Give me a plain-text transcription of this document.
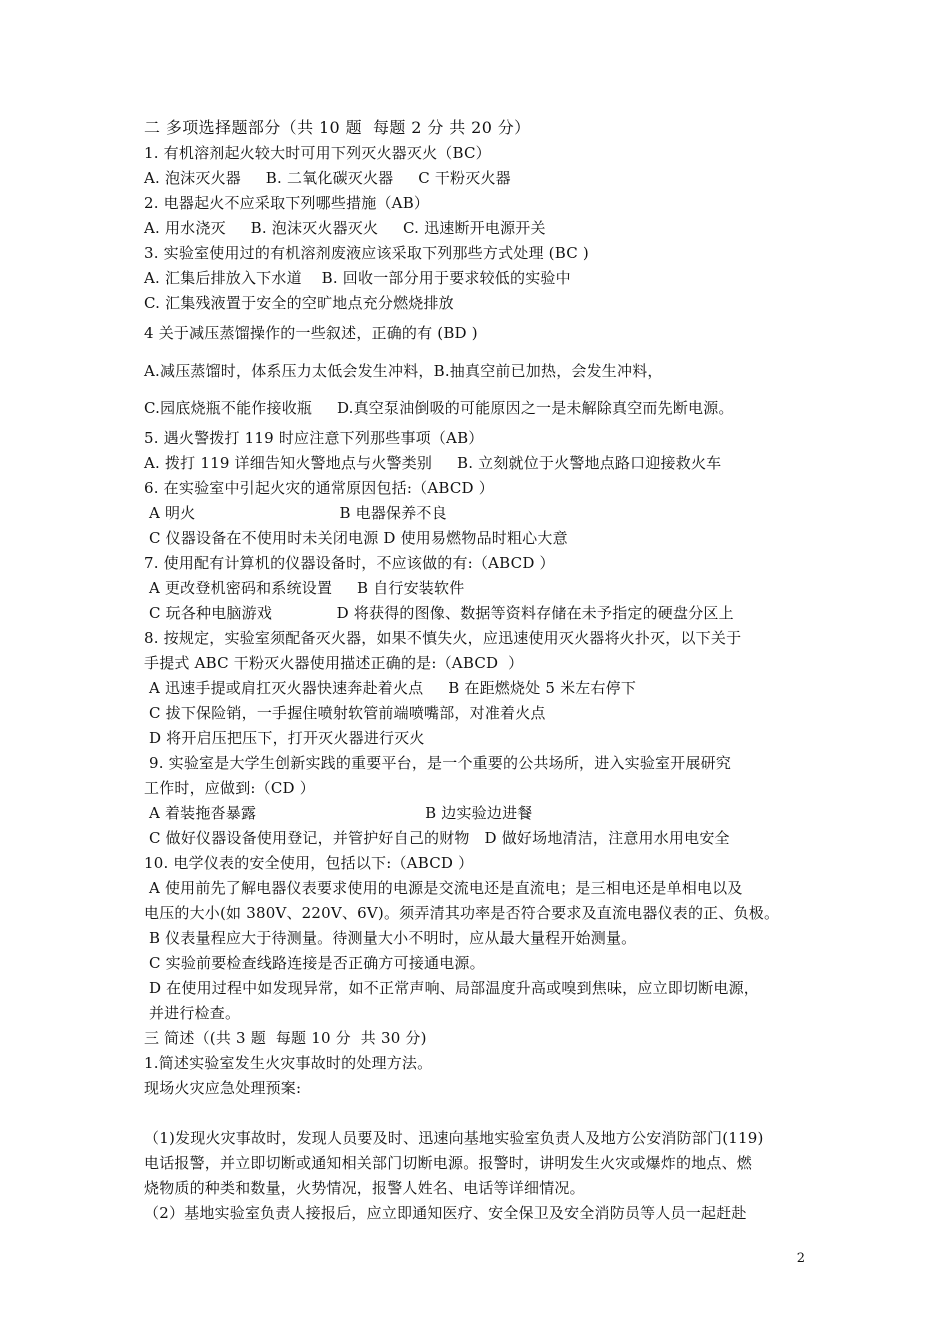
二 多项选择题部分（共 10 题  每题 2 分 共 20 分）
1. 有机溶剂起火较大时可用下列灭火器灭火（BC）
A. 泡沫灭火器     B. 二氧化碳灭火器     C 干粉灭火器
2. 电器起火不应采取下列哪些措施（AB）
A. 用水浇灭     B. 泡沫灭火器灭火     C. 迅速断开电源开关
3. 实验室使用过的有机溶剂废液应该采取下列那些方式处理 (BC )
A. 汇集后排放入下水道    B. 回收一部分用于要求较低的实验中
C. 汇集残液置于安全的空旷地点充分燃烧排放
4 关于减压蒸馏操作的一些叙述，正确的有 (BD )
A.减压蒸馏时，体系压力太低会发生冲料，B.抽真空前已加热，会发生冲料，
C.园底烧瓶不能作接收瓶     D.真空泵油倒吸的可能原因之一是未解除真空而先断电源。
5. 遇火警拨打 119 时应注意下列那些事项（AB）
A. 拨打 119 详细告知火警地点与火警类别     B. 立刻就位于火警地点路口迎接救火车
6. 在实验室中引起火灾的通常原因包括:（ABCD ）
A 明火                             B 电器保养不良
C 仪器设备在不使用时未关闭电源 D 使用易燃物品时粗心大意
7. 使用配有计算机的仪器设备时，不应该做的有:（ABCD ）
A 更改登机密码和系统设置     B 自行安装软件
C 玩各种电脑游戏             D 将获得的图像、数据等资料存储在未予指定的硬盘分区上
8. 按规定，实验室须配备灭火器，如果不慎失火，应迅速使用灭火器将火扑灭，以下关于
手提式 ABC 干粉灭火器使用描述正确的是:（ABCD  ）
A 迅速手提或肩扛灭火器快速奔赴着火点     B 在距燃烧处 5 米左右停下
C 拔下保险销，一手握住喷射软管前端喷嘴部，对准着火点
D 将开启压把压下，打开灭火器进行灭火
9. 实验室是大学生创新实践的重要平台，是一个重要的公共场所，进入实验室开展研究
工作时，应做到:（CD ）
A 着装拖沓暴露                                  B 边实验边进餐
C 做好仪器设备使用登记，并管护好自己的财物   D 做好场地清洁，注意用水用电安全
10. 电学仪表的安全使用，包括以下:（ABCD ）
A 使用前先了解电器仪表要求使用的电源是交流电还是直流电；是三相电还是单相电以及
电压的大小(如 380V、220V、6V)。须弄清其功率是否符合要求及直流电器仪表的正、负极。
B 仪表量程应大于待测量。待测量大小不明时，应从最大量程开始测量。
C 实验前要检查线路连接是否正确方可接通电源。
D 在使用过程中如发现异常，如不正常声响、局部温度升高或嗅到焦味，应立即切断电源，
并进行检查。
三 简述（(共 3 题  每题 10 分  共 30 分)
1.简述实验室发生火灾事故时的处理方法。
现场火灾应急处理预案:
（1)发现火灾事故时，发现人员要及时、迅速向基地实验室负责人及地方公安消防部门(119)
电话报警，并立即切断或通知相关部门切断电源。报警时，讲明发生火灾或爆炸的地点、燃
烧物质的种类和数量，火势情况，报警人姓名、电话等详细情况。
（2）基地实验室负责人接报后，应立即通知医疗、安全保卫及安全消防员等人员一起赶赴
2
